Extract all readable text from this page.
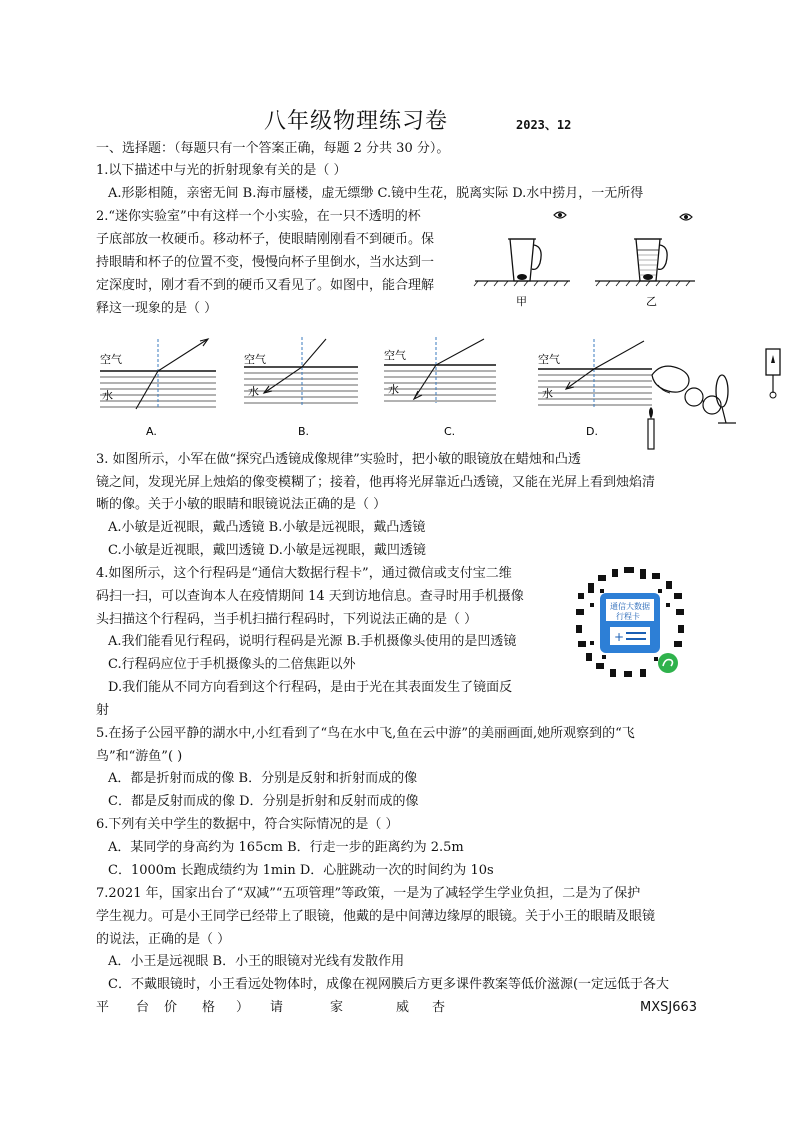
八年级物理练习卷	2023、12
一、选择题：（每题只有一个答案正确，每题 2 分共 30 分）。
1.以下描述中与光的折射现象有关的是（ ）
A.形影相随，亲密无间 B.海市蜃楼，虚无缥缈 C.镜中生花，脱离实际 D.水中捞月，一无所得
2.“迷你实验室”中有这样一个小实验，在一只不透明的杯
子底部放一枚硬币。移动杯子，使眼睛刚刚看不到硬币。保
持眼睛和杯子的位置不变，慢慢向杯子里倒水，当水达到一
定深度时，刚才看不到的硬币又看见了。如图中，能合理解
释这一现象的是（ ）	甲	乙
空气
水
A.
空气
水
B.
空气
水
C.
空气
水
D.
3. 如图所示，小军在做“探究凸透镜成像规律”实验时，把小敏的眼镜放在蜡烛和凸透
镜之间，发现光屏上烛焰的像变模糊了；接着，他再将光屏靠近凸透镜，又能在光屏上看到烛焰清
晰的像。关于小敏的眼睛和眼镜说法正确的是（ ）
A.小敏是近视眼，戴凸透镜 B.小敏是远视眼，戴凸透镜
C.小敏是近视眼，戴凹透镜 D.小敏是远视眼，戴凹透镜
4.如图所示，这个行程码是“通信大数据行程卡”，通过微信或支付宝二维
码扫一扫，可以查询本人在疫情期间 14 天到访地信息。查寻时用手机摄像
头扫描这个行程码，当手机扫描行程码时，下列说法正确的是（ ）
A.我们能看见行程码，说明行程码是光源 B.手机摄像头使用的是凹透镜
C.行程码应位于手机摄像头的二倍焦距以外
D.我们能从不同方向看到这个行程码，是由于光在其表面发生了镜面反
射
通信大数据
行程卡
+
5.在扬子公园平静的湖水中,小红看到了“鸟在水中飞,鱼在云中游”的美丽画面,她所观察到的“飞
鸟”和“游鱼”( )
A．都是折射而成的像 B．分别是反射和折射而成的像
C．都是反射而成的像 D．分别是折射和反射而成的像
6.下列有关中学生的数据中，符合实际情况的是（ ）
A．某同学的身高约为 165cm B．行走一步的距离约为 2.5m
C．1000m 长跑成绩约为 1min D．心脏跳动一次的时间约为 10s
7.2021 年，国家出台了“双减”“五项管理”等政策，一是为了减轻学生学业负担，二是为了保护
学生视力。可是小王同学已经带上了眼镜，他戴的是中间薄边缘厚的眼镜。关于小王的眼睛及眼镜
的说法，正确的是（ ）
A．小王是远视眼 B．小王的眼镜对光线有发散作用
C．不戴眼镜时，小王看远处物体时，成像在视网膜后方更多课件教案等低价滋源(一定远低于各大
平 台 价 格 ） 请	家	威 杏	MXSJ663
